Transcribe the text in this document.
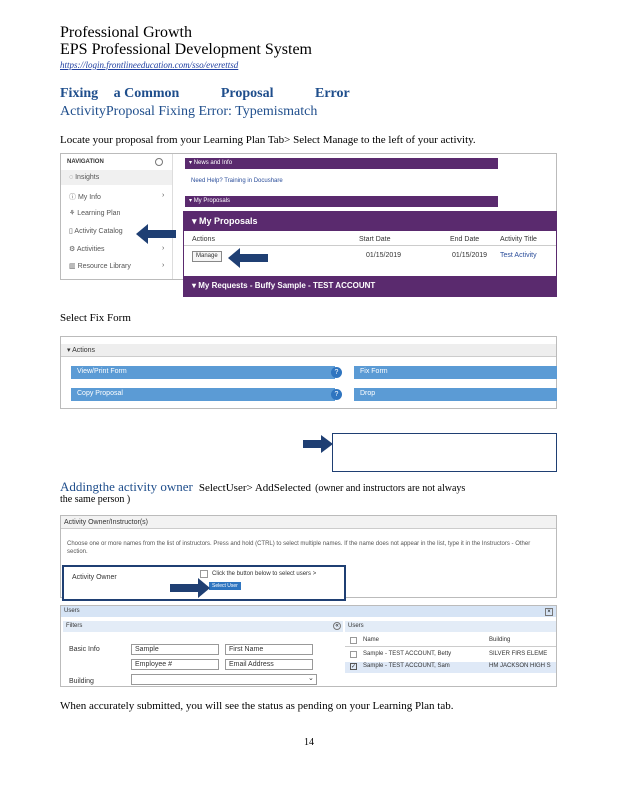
Professional Growth
EPS Professional Development System
https://login.frontlineeducation.com/sso/everettsd
Fixing a Common	Proposal	Error
ActivityProposal Fixing Error: Typemismatch
Locate your proposal from your Learning Plan Tab> Select Manage to the left of your activity.
NAVIGATION
◌ Insights
ⓘ My Info	›
⚘ Learning Plan
▯ Activity Catalog
⚙ Activities	›
▥ Resource Library	›
▾ News and Info
Need Help? Training in Docushare
▾ My Proposals
▾ My Proposals
Actions	Start Date	End Date	Activity Title
Manage	01/15/2019	01/15/2019 Test Activity
▾ My Requests - Buffy Sample - TEST ACCOUNT
Select Fix Form
▾ Actions
View/Print Form	?	Fix Form
Copy Proposal	?	Drop
Addingthe activity owner SelectUser> AddSelected (owner and instructors are not always
the same person )
Activity Owner/Instructor(s)
Choose one or more names from the list of instructors. Press and hold (CTRL) to select multiple names. If the name does not appear in the list, type it in the Instructors - Other section.
Activity Owner	Click the button below to select users >
Select User
Users	×
Filters	«
Basic Info	Sample	First Name
Employee #	Email Address
Building	⌄
Users
Name	Building
Sample - TEST ACCOUNT, Betty	SILVER FIRS ELEME
✓ Sample - TEST ACCOUNT, Sam	HM JACKSON HIGH S
When accurately submitted, you will see the status as pending on your Learning Plan tab.
14
